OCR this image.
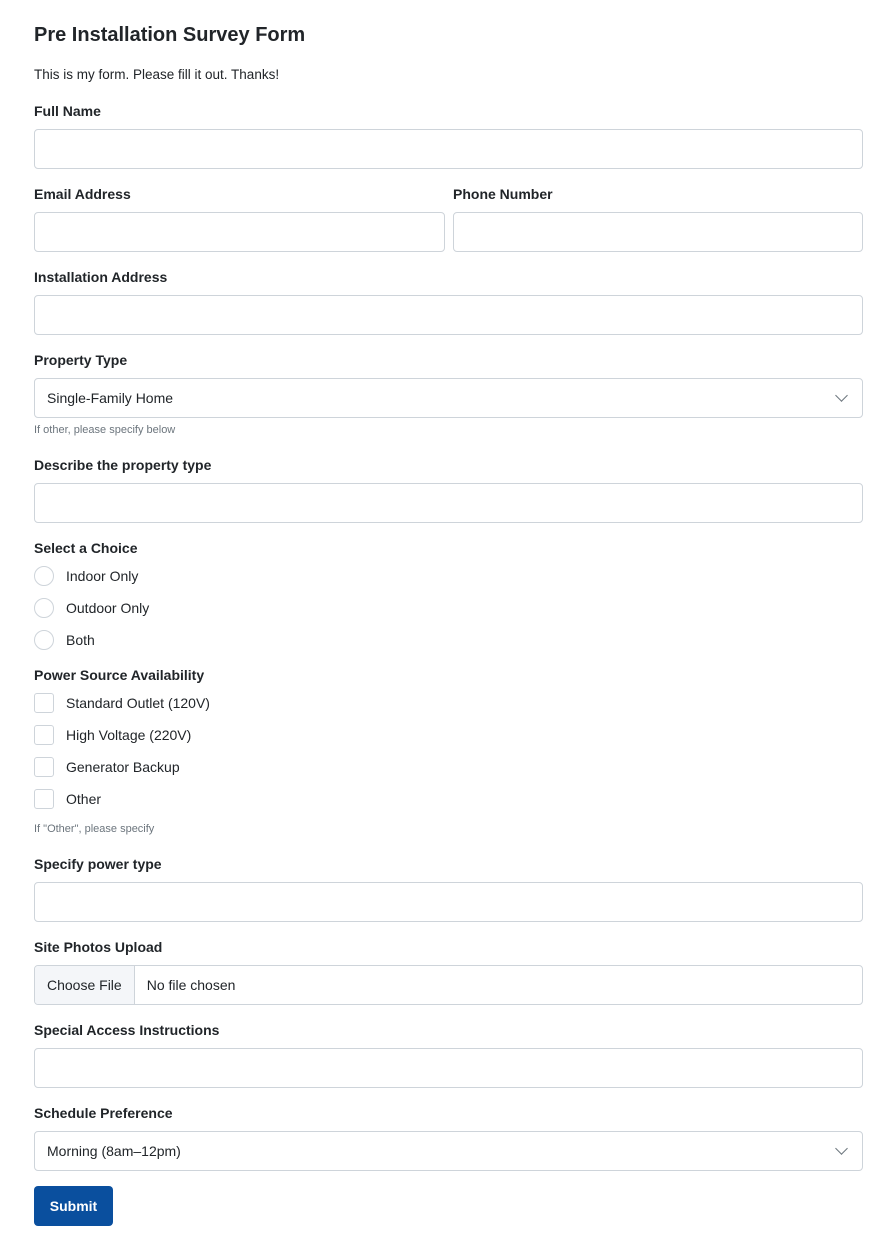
Pre Installation Survey Form
This is my form. Please fill it out. Thanks!
Full Name
Email Address	Phone Number
Installation Address
Property Type
Single-Family Home
If other, please specify below
Describe the property type
Select a Choice
Indoor Only
Outdoor Only
Both
Power Source Availability
Standard Outlet (120V)
High Voltage (220V)
Generator Backup
Other
If "Other", please specify
Specify power type
Site Photos Upload
Choose File	No file chosen
Special Access Instructions
Schedule Preference
Morning (8am–12pm)
Submit
